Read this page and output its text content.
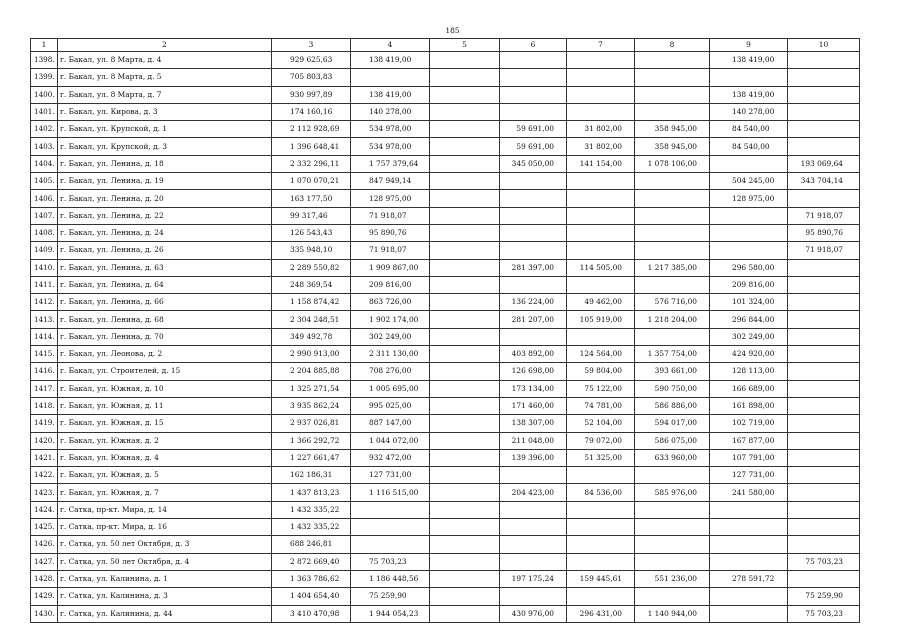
185
1	2	3	4	5	6	7	8	9	10
1398.	г. Бакал, ул. 8 Марта, д. 4	929 625,63	138 419,00					138 419,00	
1399.	г. Бакал, ул. 8 Марта, д. 5	705 803,83							
1400.	г. Бакал, ул. 8 Марта, д. 7	930 997,89	138 419,00					138 419,00	
1401.	г. Бакал, ул. Кирова, д. 3	174 160,16	140 278,00					140 278,00	
1402.	г. Бакал, ул. Крупской, д. 1	2 112 928,69	534 978,00		59 691,00	31 802,00	358 945,00	84 540,00	
1403.	г. Бакал, ул. Крупской, д. 3	1 396 648,41	534 978,00		59 691,00	31 802,00	358 945,00	84 540,00	
1404.	г. Бакал, ул. Ленина, д. 18	2 332 296,11	1 757 379,64		345 050,00	141 154,00	1 078 106,00		193 069,64
1405.	г. Бакал, ул. Ленина, д. 19	1 070 070,21	847 949,14					504 245,00	343 704,14
1406.	г. Бакал, ул. Ленина, д. 20	163 177,50	128 975,00					128 975,00	
1407.	г. Бакал, ул. Ленина, д. 22	99 317,46	71 918,07						71 918,07
1408.	г. Бакал, ул. Ленина, д. 24	126 543,43	95 890,76						95 890,76
1409.	г. Бакал, ул. Ленина, д. 26	335 948,10	71 918,07						71 918,07
1410.	г. Бакал, ул. Ленина, д. 63	2 289 550,82	1 909 867,00		281 397,00	114 505,00	1 217 385,00	296 580,00	
1411.	г. Бакал, ул. Ленина, д. 64	248 369,54	209 816,00					209 816,00	
1412.	г. Бакал, ул. Ленина, д. 66	1 158 874,42	863 726,00		136 224,00	49 462,00	576 716,00	101 324,00	
1413.	г. Бакал, ул. Ленина, д. 68	2 304 248,51	1 902 174,00		281 207,00	105 919,00	1 218 204,00	296 844,00	
1414.	г. Бакал, ул. Ленина, д. 70	349 492,78	302 249,00					302 249,00	
1415.	г. Бакал, ул. Леонова, д. 2	2 990 913,00	2 311 130,00		403 892,00	124 564,00	1 357 754,00	424 920,00	
1416.	г. Бакал, ул. Строителей, д. 15	2 204 885,88	708 276,00		126 698,00	59 804,00	393 661,00	128 113,00	
1417.	г. Бакал, ул. Южная, д. 10	1 325 271,54	1 005 695,00		173 134,00	75 122,00	590 750,00	166 689,00	
1418.	г. Бакал, ул. Южная, д. 11	3 935 862,24	995 025,00		171 460,00	74 781,00	586 886,00	161 898,00	
1419.	г. Бакал, ул. Южная, д. 15	2 937 026,81	887 147,00		138 307,00	52 104,00	594 017,00	102 719,00	
1420.	г. Бакал, ул. Южная, д. 2	1 366 292,72	1 044 072,00		211 048,00	79 072,00	586 075,00	167 877,00	
1421.	г. Бакал, ул. Южная, д. 4	1 227 661,47	932 472,00		139 396,00	51 325,00	633 960,00	107 791,00	
1422.	г. Бакал, ул. Южная, д. 5	162 186,31	127 731,00					127 731,00	
1423.	г. Бакал, ул. Южная, д. 7	1 437 813,23	1 116 515,00		204 423,00	84 536,00	585 976,00	241 580,00	
1424.	г. Сатка, пр-кт. Мира, д. 14	1 432 335,22							
1425.	г. Сатка, пр-кт. Мира, д. 16	1 432 335,22							
1426.	г. Сатка, ул. 50 лет Октября, д. 3	688 246,81							
1427.	г. Сатка, ул. 50 лет Октября, д. 4	2 872 669,40	75 703,23						75 703,23
1428.	г. Сатка, ул. Калинина, д. 1	1 363 786,62	1 186 448,56		197 175,24	159 445,61	551 236,00	278 591,72	
1429.	г. Сатка, ул. Калинина, д. 3	1 404 654,40	75 259,90						75 259,90
1430.	г. Сатка, ул. Калинина, д. 44	3 410 470,98	1 944 054,23		430 976,00	296 431,00	1 140 944,00		75 703,23
